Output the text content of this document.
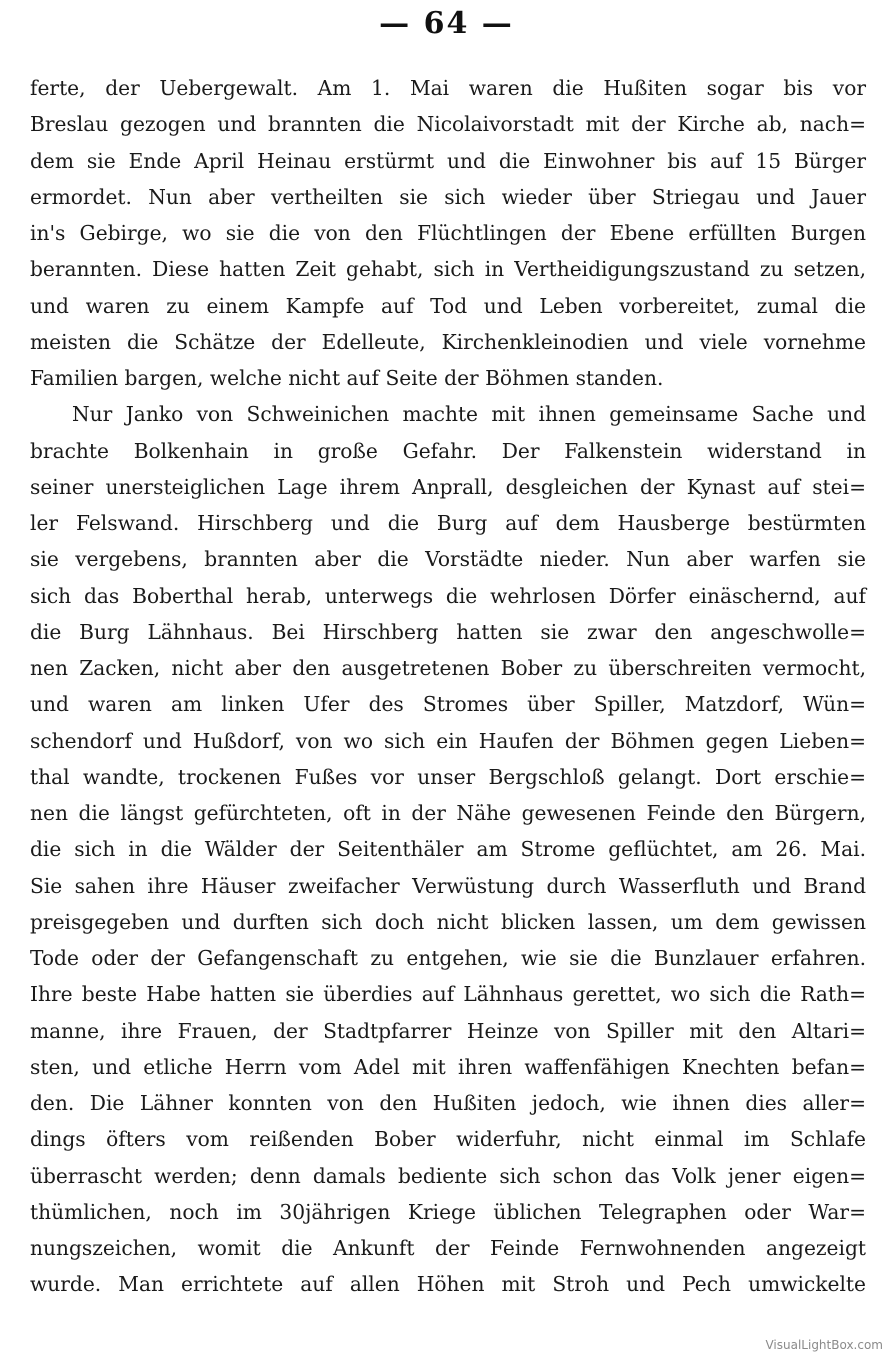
— 64 —
ferte, der Uebergewalt. Am 1. Mai waren die Hußiten sogar bis vor
Breslau gezogen und brannten die Nicolaivorstadt mit der Kirche ab, nach=
dem sie Ende April Heinau erstürmt und die Einwohner bis auf 15 Bürger
ermordet. Nun aber vertheilten sie sich wieder über Striegau und Jauer
in's Gebirge, wo sie die von den Flüchtlingen der Ebene erfüllten Burgen
berannten. Diese hatten Zeit gehabt, sich in Vertheidigungszustand zu setzen,
und waren zu einem Kampfe auf Tod und Leben vorbereitet, zumal die
meisten die Schätze der Edelleute, Kirchenkleinodien und viele vornehme
Familien bargen, welche nicht auf Seite der Böhmen standen.
Nur Janko von Schweinichen machte mit ihnen gemeinsame Sache und
brachte Bolkenhain in große Gefahr. Der Falkenstein widerstand in
seiner unersteiglichen Lage ihrem Anprall, desgleichen der Kynast auf stei=
ler Felswand. Hirschberg und die Burg auf dem Hausberge bestürmten
sie vergebens, brannten aber die Vorstädte nieder. Nun aber warfen sie
sich das Boberthal herab, unterwegs die wehrlosen Dörfer einäschernd, auf
die Burg Lähnhaus. Bei Hirschberg hatten sie zwar den angeschwolle=
nen Zacken, nicht aber den ausgetretenen Bober zu überschreiten vermocht,
und waren am linken Ufer des Stromes über Spiller, Matzdorf, Wün=
schendorf und Hußdorf, von wo sich ein Haufen der Böhmen gegen Lieben=
thal wandte, trockenen Fußes vor unser Bergschloß gelangt. Dort erschie=
nen die längst gefürchteten, oft in der Nähe gewesenen Feinde den Bürgern,
die sich in die Wälder der Seitenthäler am Strome geflüchtet, am 26. Mai.
Sie sahen ihre Häuser zweifacher Verwüstung durch Wasserfluth und Brand
preisgegeben und durften sich doch nicht blicken lassen, um dem gewissen
Tode oder der Gefangenschaft zu entgehen, wie sie die Bunzlauer erfahren.
Ihre beste Habe hatten sie überdies auf Lähnhaus gerettet, wo sich die Rath=
manne, ihre Frauen, der Stadtpfarrer Heinze von Spiller mit den Altari=
sten, und etliche Herrn vom Adel mit ihren waffenfähigen Knechten befan=
den. Die Lähner konnten von den Hußiten jedoch, wie ihnen dies aller=
dings öfters vom reißenden Bober widerfuhr, nicht einmal im Schlafe
überrascht werden; denn damals bediente sich schon das Volk jener eigen=
thümlichen, noch im 30jährigen Kriege üblichen Telegraphen oder War=
nungszeichen, womit die Ankunft der Feinde Fernwohnenden angezeigt
wurde. Man errichtete auf allen Höhen mit Stroh und Pech umwickelte
VisualLightBox.com
